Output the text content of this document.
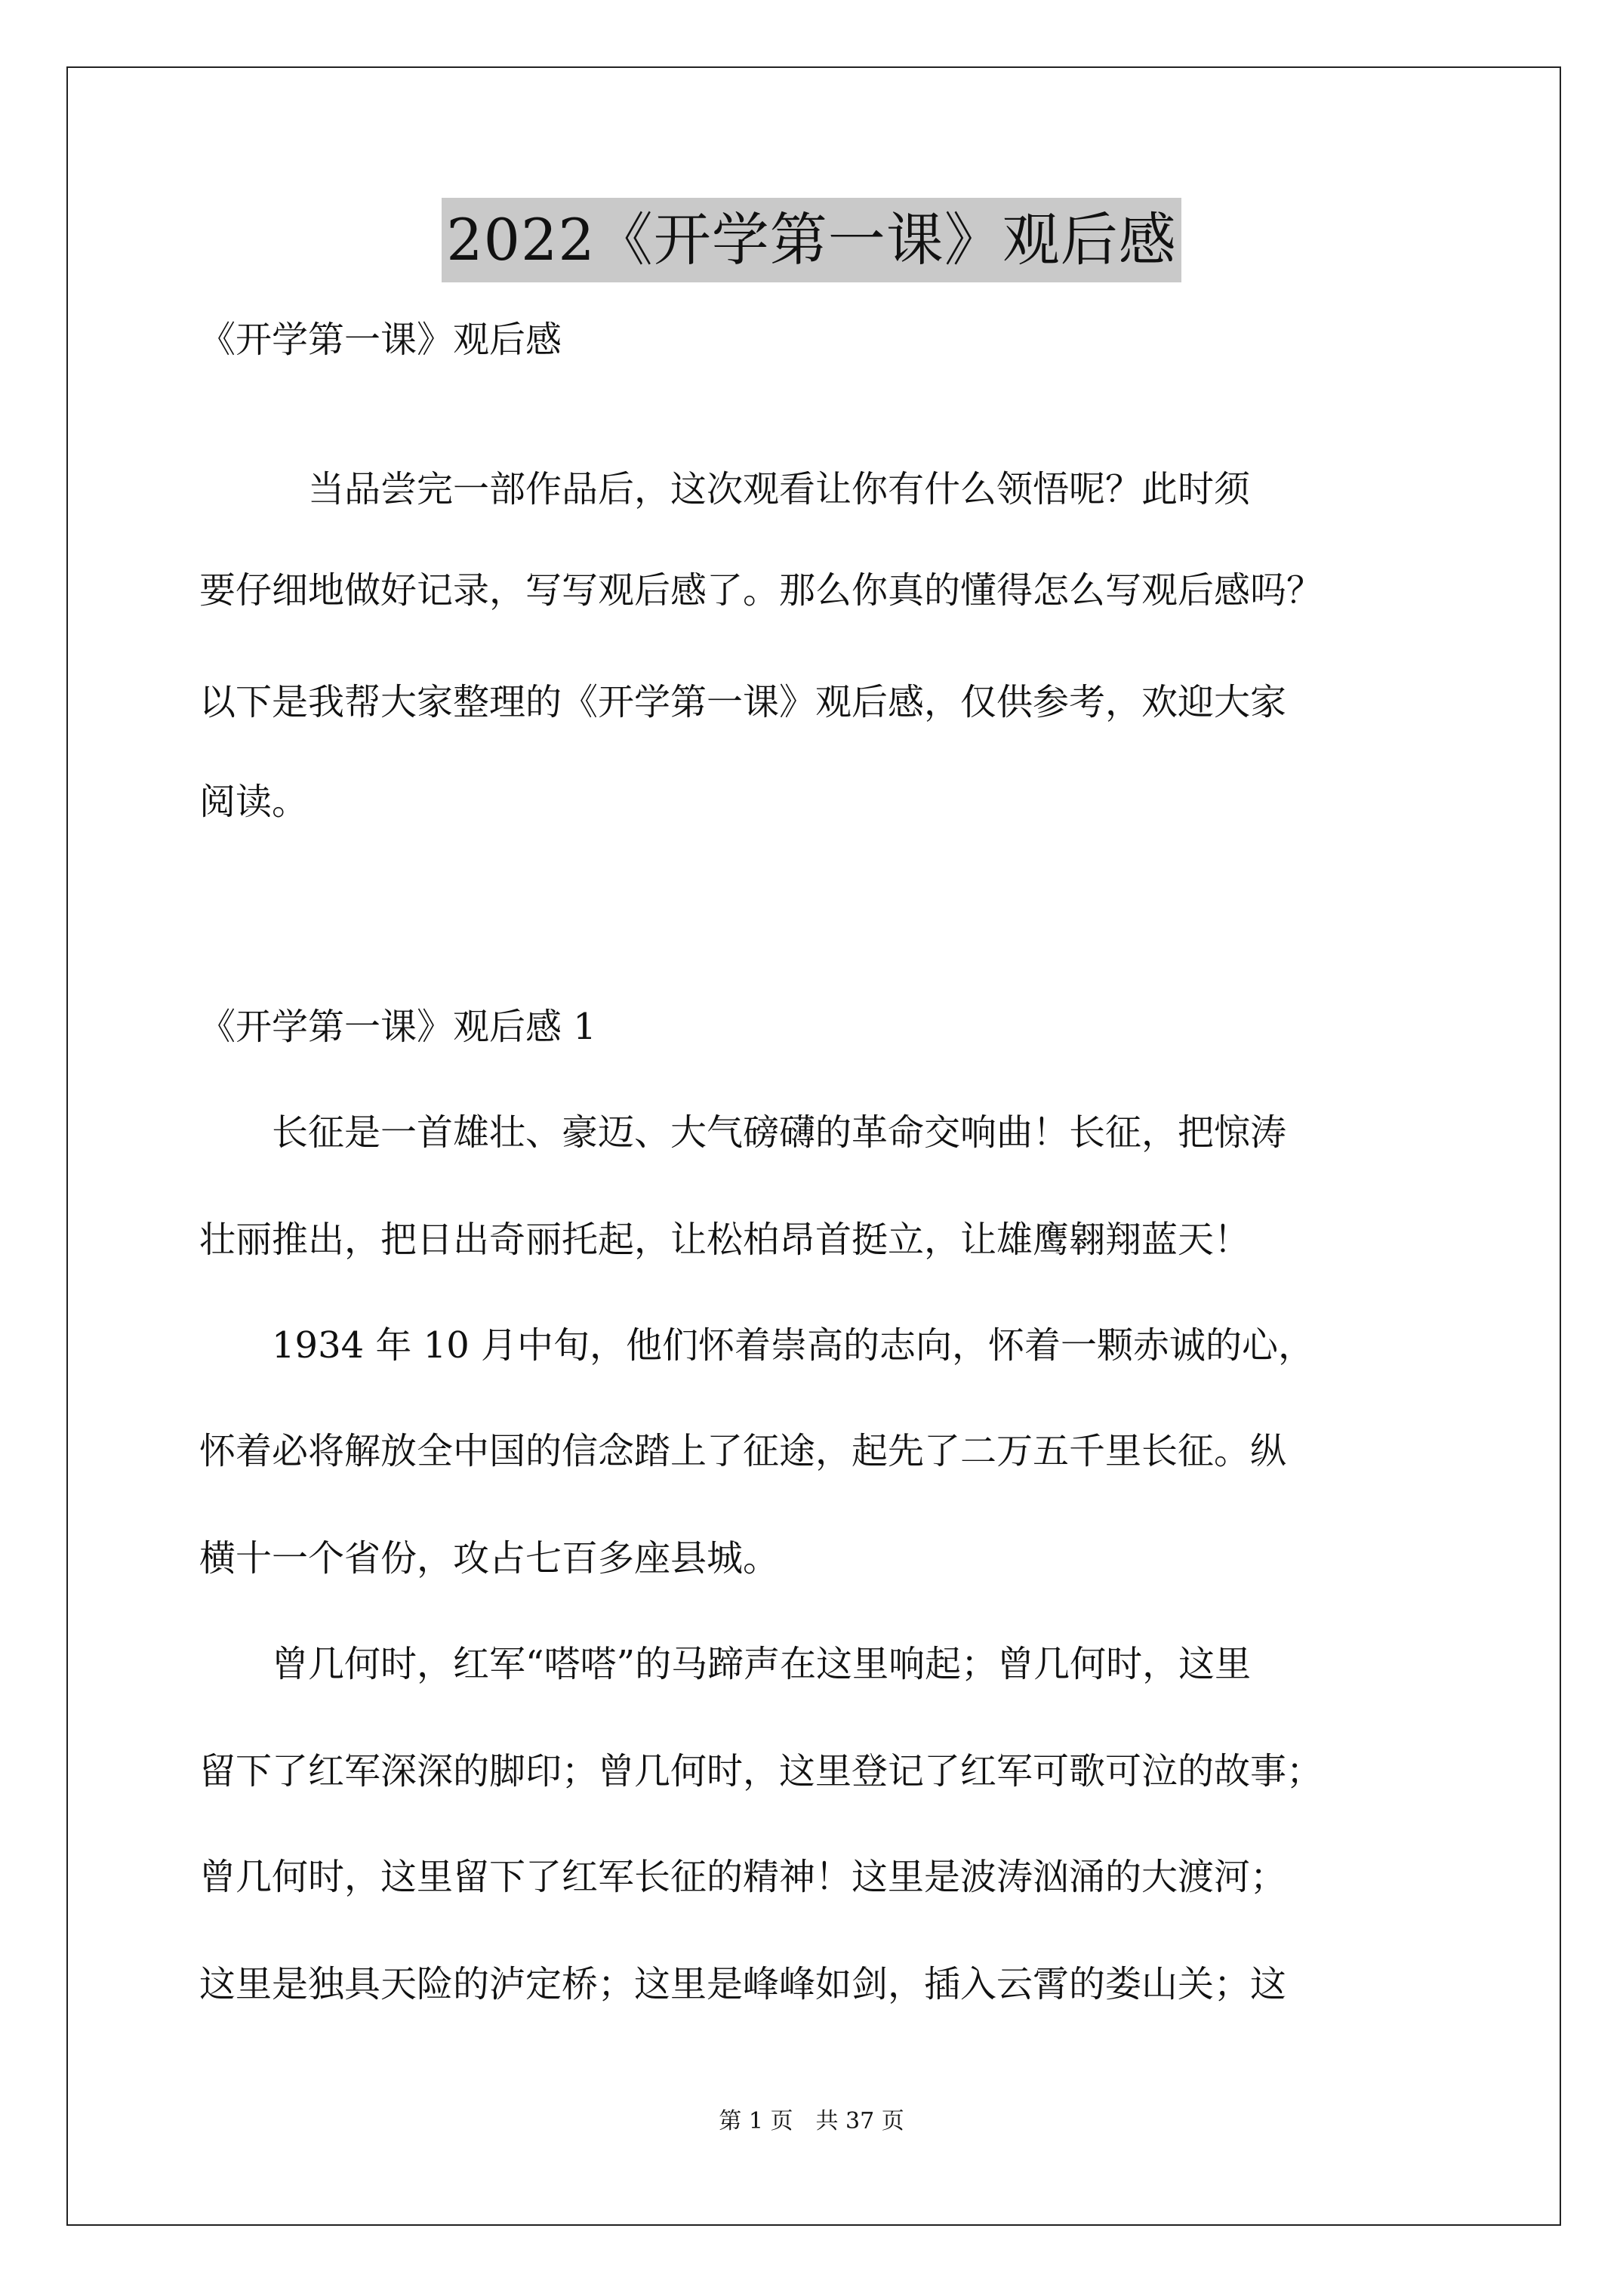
2022《开学第一课》观后感
《开学第一课》观后感
　　　当品尝完一部作品后，这次观看让你有什么领悟呢？此时须
要仔细地做好记录，写写观后感了。那么你真的懂得怎么写观后感吗？
以下是我帮大家整理的《开学第一课》观后感，仅供参考，欢迎大家
阅读。
《开学第一课》观后感 1
　　长征是一首雄壮、豪迈、大气磅礴的革命交响曲！长征，把惊涛
壮丽推出，把日出奇丽托起，让松柏昂首挺立，让雄鹰翱翔蓝天！
　　1934 年 10 月中旬，他们怀着崇高的志向，怀着一颗赤诚的心，
怀着必将解放全中国的信念踏上了征途，起先了二万五千里长征。纵
横十一个省份，攻占七百多座县城。
　　曾几何时，红军“嗒嗒”的马蹄声在这里响起；曾几何时，这里
留下了红军深深的脚印；曾几何时，这里登记了红军可歌可泣的故事；
曾几何时，这里留下了红军长征的精神！这里是波涛汹涌的大渡河；
这里是独具天险的泸定桥；这里是峰峰如剑，插入云霄的娄山关；这
第 1 页　共 37 页
